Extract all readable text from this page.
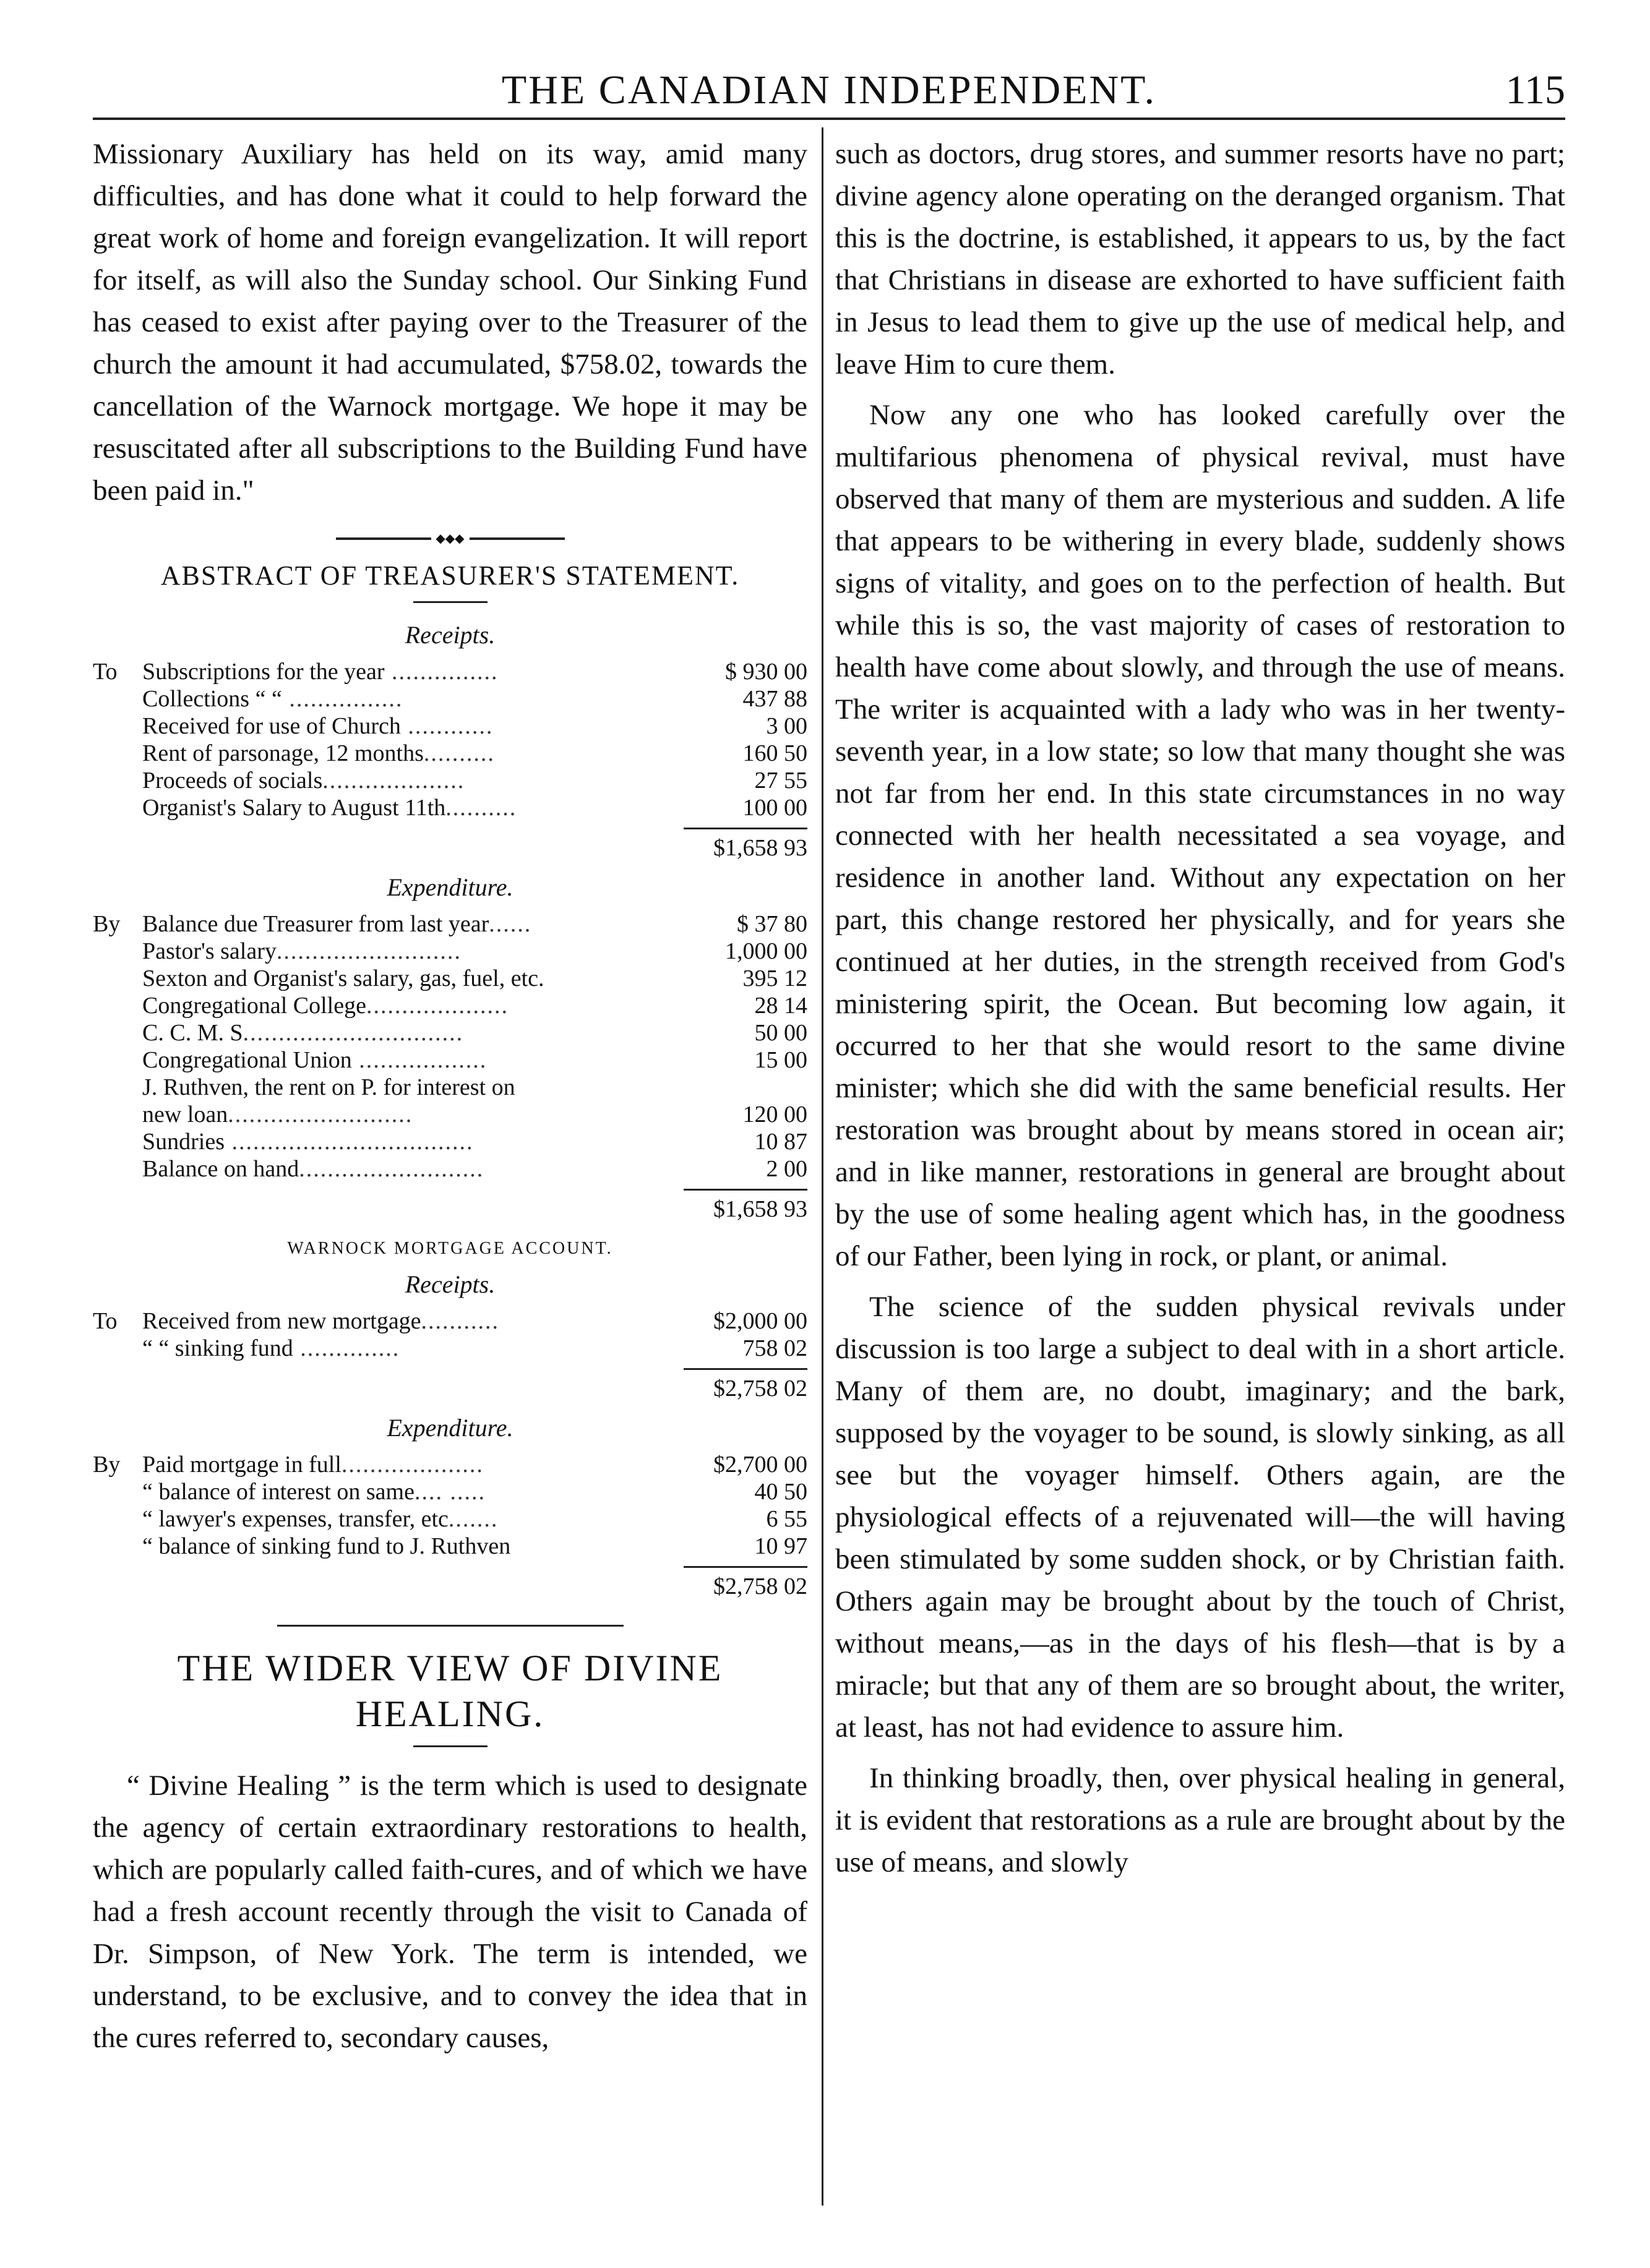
THE CANADIAN INDEPENDENT.	115

Missionary Auxiliary has held on its way, amid many difficulties, and has done what it could to help forward the great work of home and foreign evangelization. It will report for itself, as will also the Sunday school. Our Sinking Fund has ceased to exist after paying over to the Treasurer of the church the amount it had accumulated, $758.02, towards the cancellation of the Warnock mortgage. We hope it may be resuscitated after all subscriptions to the Building Fund have been paid in."

◆◆◆
ABSTRACT OF TREASURER'S STATEMENT.
Receipts.
To	Subscriptions for the year ...............	$ 930 00
	Collections “ “ ................	437 88
	Received for use of Church ............	3 00
	Rent of parsonage, 12 months..........	160 50
	Proceeds of socials....................	27 55
	Organist's Salary to August 11th..........	100 00
$1,658 93
Expenditure.
By	Balance due Treasurer from last year......	$ 37 80
	Pastor's salary..........................	1,000 00
	Sexton and Organist's salary, gas, fuel, etc.	395 12
	Congregational College....................	28 14
	C. C. M. S...............................	50 00
	Congregational Union ..................	15 00
	J. Ruthven, the rent on P. for interest on	
	new loan..........................	120 00
	Sundries ..................................	10 87
	Balance on hand..........................	2 00
$1,658 93
WARNOCK MORTGAGE ACCOUNT.
Receipts.
To	Received from new mortgage...........	$2,000 00
	“ “ sinking fund ..............	758 02
$2,758 02
Expenditure.
By	Paid mortgage in full....................	$2,700 00
	“ balance of interest on same.... .....	40 50
	“ lawyer's expenses, transfer, etc.......	6 55
	“ balance of sinking fund to J. Ruthven	10 97
$2,758 02
THE WIDER VIEW OF DIVINE HEALING.

“ Divine Healing ” is the term which is used to designate the agency of certain extraordinary restorations to health, which are popularly called faith-cures, and of which we have had a fresh account recently through the visit to Canada of Dr. Simpson, of New York. The term is intended, we understand, to be exclusive, and to convey the idea that in the cures referred to, secondary causes,

such as doctors, drug stores, and summer resorts have no part; divine agency alone operating on the deranged organism. That this is the doctrine, is established, it appears to us, by the fact that Christians in disease are exhorted to have sufficient faith in Jesus to lead them to give up the use of medical help, and leave Him to cure them.

Now any one who has looked carefully over the multifarious phenomena of physical revival, must have observed that many of them are mysterious and sudden. A life that appears to be withering in every blade, suddenly shows signs of vitality, and goes on to the perfection of health. But while this is so, the vast majority of cases of restoration to health have come about slowly, and through the use of means. The writer is acquainted with a lady who was in her twenty-seventh year, in a low state; so low that many thought she was not far from her end. In this state circumstances in no way connected with her health necessitated a sea voyage, and residence in another land. Without any expectation on her part, this change restored her physically, and for years she continued at her duties, in the strength received from God's ministering spirit, the Ocean. But becoming low again, it occurred to her that she would resort to the same divine minister; which she did with the same beneficial results. Her restoration was brought about by means stored in ocean air; and in like manner, restorations in general are brought about by the use of some healing agent which has, in the goodness of our Father, been lying in rock, or plant, or animal.

The science of the sudden physical revivals under discussion is too large a subject to deal with in a short article. Many of them are, no doubt, imaginary; and the bark, supposed by the voyager to be sound, is slowly sinking, as all see but the voyager himself. Others again, are the physiological effects of a rejuvenated will—the will having been stimulated by some sudden shock, or by Christian faith. Others again may be brought about by the touch of Christ, without means,—as in the days of his flesh—that is by a miracle; but that any of them are so brought about, the writer, at least, has not had evidence to assure him.

In thinking broadly, then, over physical healing in general, it is evident that restorations as a rule are brought about by the use of means, and slowly
